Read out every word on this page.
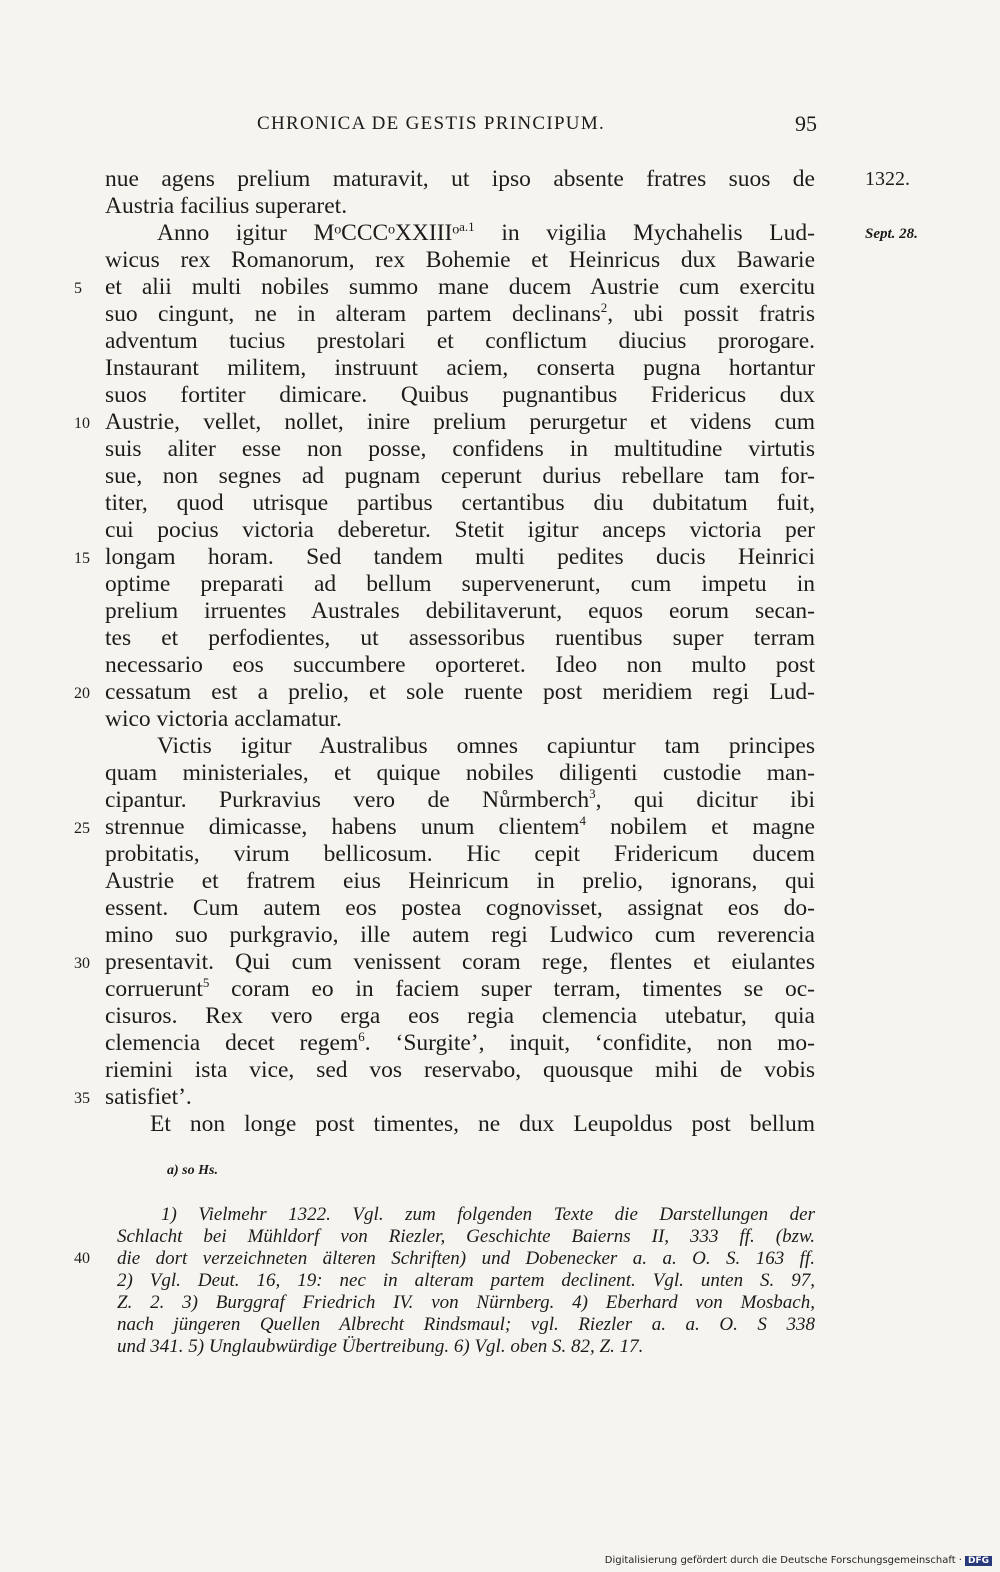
CHRONICA DE GESTIS PRINCIPUM.	95
nue agens prelium maturavit, ut ipso absente fratres suos de	1322.
Austria facilius superaret.
Anno igitur MᵒCCCᵒXXIIIᵒ$^{a.1}$ in vigilia Mychahelis Lud-	Sept. 28.
wicus rex Romanorum, rex Bohemie et Heinricus dux Bawarie
5 et alii multi nobiles summo mane ducem Austrie cum exercitu
suo cingunt, ne in alteram partem declinans$^2$, ubi possit fratris
adventum tucius prestolari et conflictum diucius prorogare.
Instaurant militem, instruunt aciem, conserta pugna hortantur
suos fortiter dimicare. Quibus pugnantibus Fridericus dux
10 Austrie, vellet, nollet, inire prelium perurgetur et videns cum
suis aliter esse non posse, confidens in multitudine virtutis
sue, non segnes ad pugnam ceperunt durius rebellare tam for-
titer, quod utrisque partibus certantibus diu dubitatum fuit,
cui pocius victoria deberetur. Stetit igitur anceps victoria per
15 longam horam. Sed tandem multi pedites ducis Heinrici
optime preparati ad bellum supervenerunt, cum impetu in
prelium irruentes Australes debilitaverunt, equos eorum secan-
tes et perfodientes, ut assessoribus ruentibus super terram
necessario eos succumbere oporteret. Ideo non multo post
20 cessatum est a prelio, et sole ruente post meridiem regi Lud-
wico victoria acclamatur.
Victis igitur Australibus omnes capiuntur tam principes
quam ministeriales, et quique nobiles diligenti custodie man-
cipantur. Purkravius vero de Nůrmberch$^3$, qui dicitur ibi
25 strennue dimicasse, habens unum clientem$^4$ nobilem et magne
probitatis, virum bellicosum. Hic cepit Fridericum ducem
Austrie et fratrem eius Heinricum in prelio, ignorans, qui
essent. Cum autem eos postea cognovisset, assignat eos do-
mino suo purkgravio, ille autem regi Ludwico cum reverencia
30 presentavit. Qui cum venissent coram rege, flentes et eiulantes
corruerunt$^5$ coram eo in faciem super terram, timentes se oc-
cisuros. Rex vero erga eos regia clemencia utebatur, quia
clemencia decet regem$^6$. ʻSurgiteʼ, inquit, ʻconfidite, non mo-
riemini ista vice, sed vos reservabo, quousque mihi de vobis
35 satisfietʼ.
Et non longe post timentes, ne dux Leupoldus post bellum
a) so Hs.
1) Vielmehr 1322. Vgl. zum folgenden Texte die Darstellungen der
Schlacht bei Mühldorf von Riezler, Geschichte Baierns II, 333 ff. (bzw.
40 die dort verzeichneten älteren Schriften) und Dobenecker a. a. O. S. 163 ff.
2) Vgl. Deut. 16, 19: nec in alteram partem declinent. Vgl. unten S. 97,
Z. 2. 3) Burggraf Friedrich IV. von Nürnberg. 4) Eberhard von Mosbach,
nach jüngeren Quellen Albrecht Rindsmaul; vgl. Riezler a. a. O. S 338
und 341. 5) Unglaubwürdige Übertreibung. 6) Vgl. oben S. 82, Z. 17.
Digitalisierung gefördert durch die Deutsche Forschungsgemeinschaft · DFG
